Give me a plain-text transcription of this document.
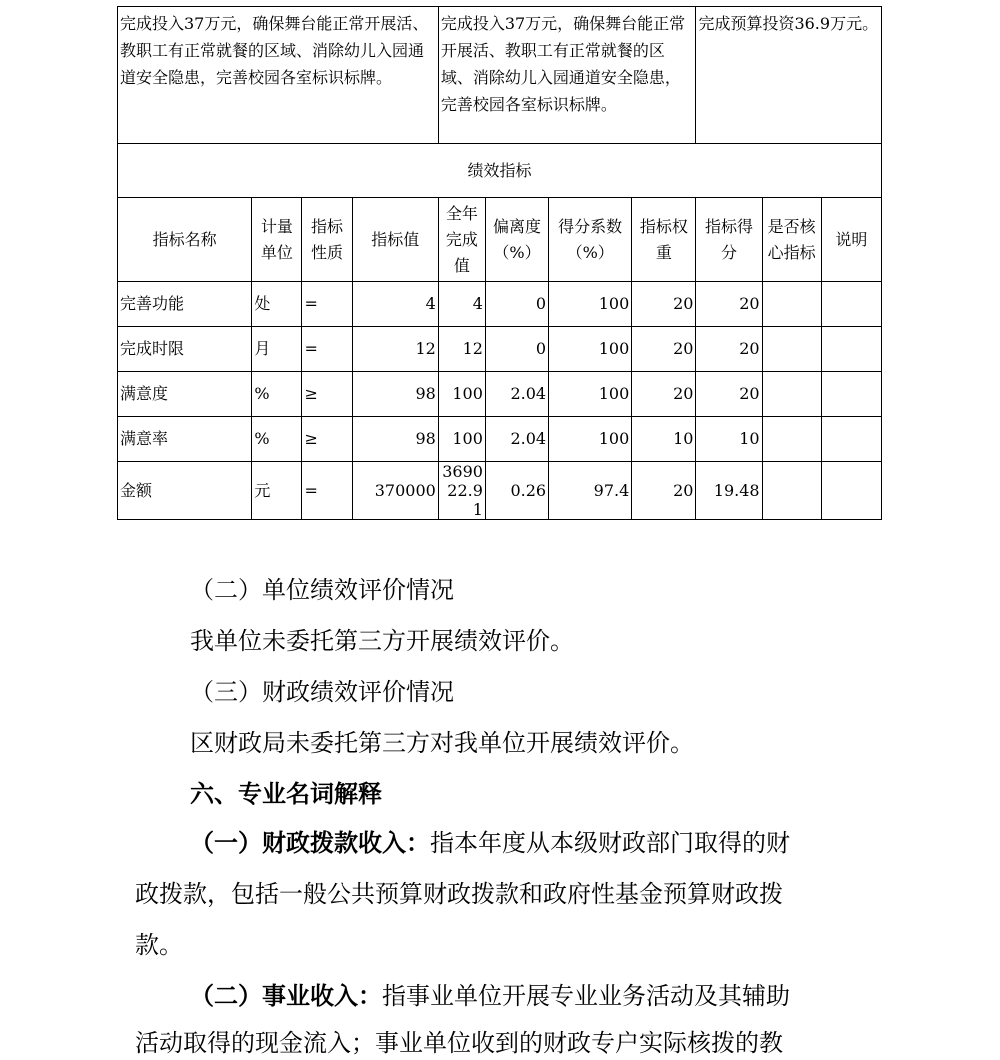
完成投入37万元，确保舞台能正常开展活、教职工有正常就餐的区域、消除幼儿入园通道安全隐患，完善校园各室标识标牌。				完成投入37万元，确保舞台能正常开展活、教职工有正常就餐的区域、消除幼儿入园通道安全隐患，完善校园各室标识标牌。				完成预算投资36.9万元。		
绩效指标										
指标名称	计量单位	指标性质	指标值	全年完成值	偏离度（%）	得分系数（%）	指标权重	指标得分	是否核心指标	说明
完善功能	处	=	4	4	0	100	20	20		
完成时限	月	=	12	12	0	100	20	20		
满意度	%	≥	98	100	2.04	100	20	20		
满意率	%	≥	98	100	2.04	100	10	10		
金额	元	=	370000	369022.91	0.26	97.4	20	19.48		
（二）单位绩效评价情况
我单位未委托第三方开展绩效评价。
（三）财政绩效评价情况
区财政局未委托第三方对我单位开展绩效评价。
六、专业名词解释
（一）财政拨款收入：指本年度从本级财政部门取得的财
政拨款，包括一般公共预算财政拨款和政府性基金预算财政拨
款。
（二）事业收入：指事业单位开展专业业务活动及其辅助
活动取得的现金流入；事业单位收到的财政专户实际核拨的教
